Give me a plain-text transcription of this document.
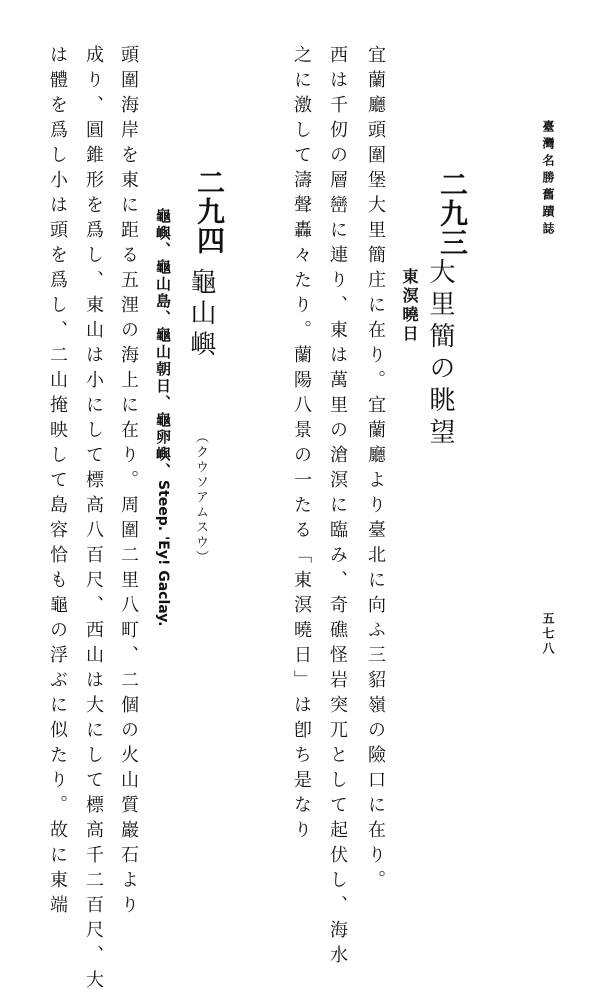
臺灣名勝舊蹟誌
五七八
二九三
大里簡の眺望
東溟曉日
宜蘭廳頭圍堡大里簡庄に在り。宜蘭廳より臺北に向ふ三貂嶺の險口に在り。
西は千仞の層巒に連り、東は萬里の滄溟に臨み、奇礁怪岩突兀として起伏し、海水
之に激して濤聲轟々たり。蘭陽八景の一たる「東溟曉日」は卽ち是なり
二九四
龜山嶼
（クウソアムスウ）
龜嶼、龜山島、龜山朝日、龜卵嶼、Steep. 'Ey! Gaclay.
頭圍海岸を東に距る五浬の海上に在り。周圍二里八町、二個の火山質巖石より
成り、圓錐形を爲し、東山は小にして標高八百尺、西山は大にして標高千二百尺、大
は體を爲し小は頭を爲し、二山掩映して島容恰も龜の浮ぶに似たり。故に東端
